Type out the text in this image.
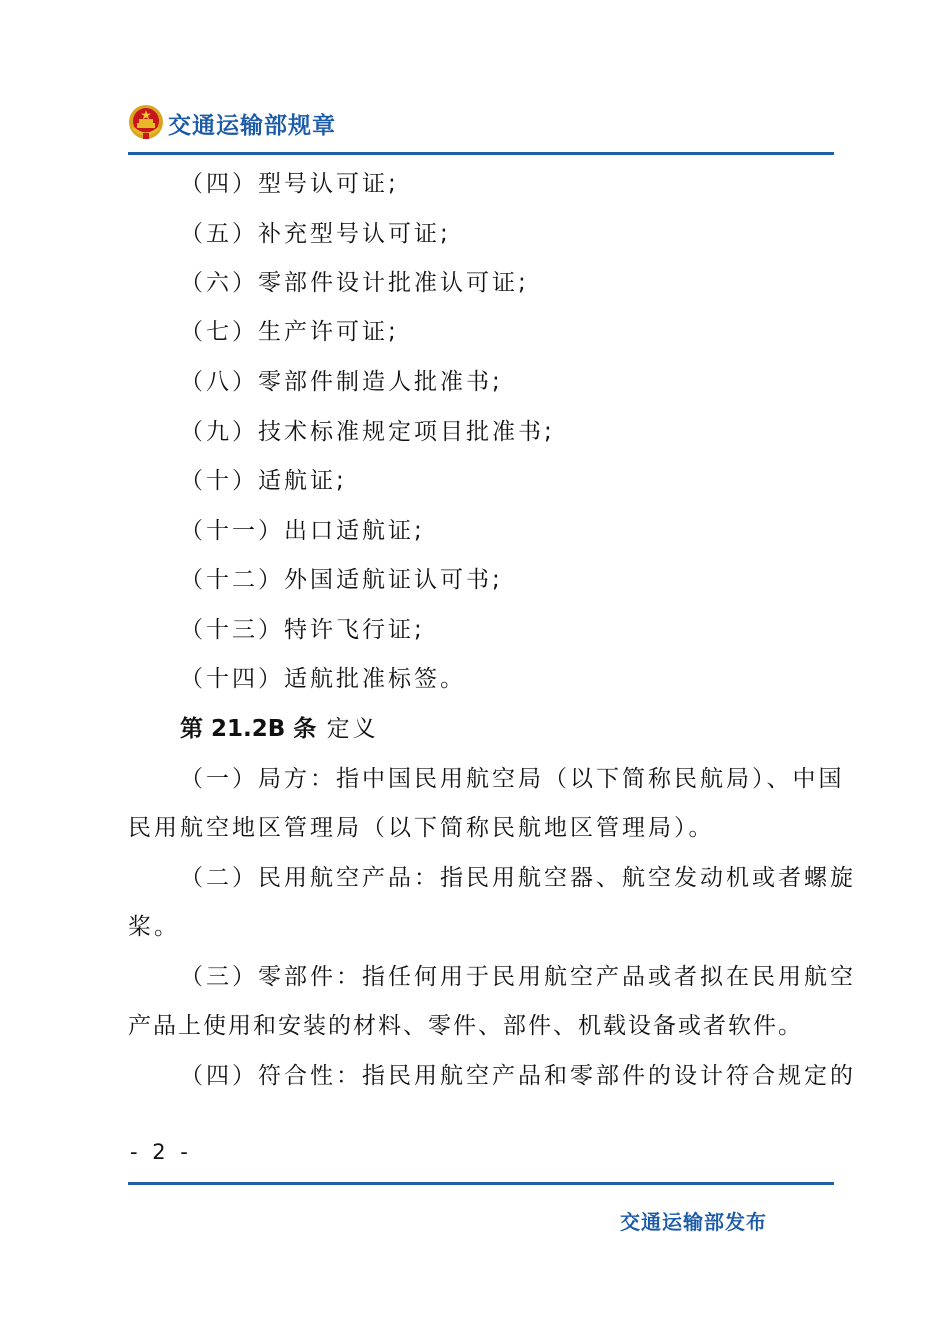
交通运输部规章
（四）型号认可证;
（五）补充型号认可证;
（六）零部件设计批准认可证;
（七）生产许可证;
（八）零部件制造人批准书;
（九）技术标准规定项目批准书;
（十）适航证;
（十一）出口适航证;
（十二）外国适航证认可书;
（十三）特许飞行证;
（十四）适航批准标签。
第 21.2B 条 定义
（一）局方：指中国民用航空局（以下简称民航局）、中国
民用航空地区管理局（以下简称民航地区管理局）。
（二）民用航空产品：指民用航空器、航空发动机或者螺旋
桨。
（三）零部件：指任何用于民用航空产品或者拟在民用航空
产品上使用和安装的材料、零件、部件、机载设备或者软件。
（四）符合性：指民用航空产品和零部件的设计符合规定的
- 2 -
交通运输部发布
